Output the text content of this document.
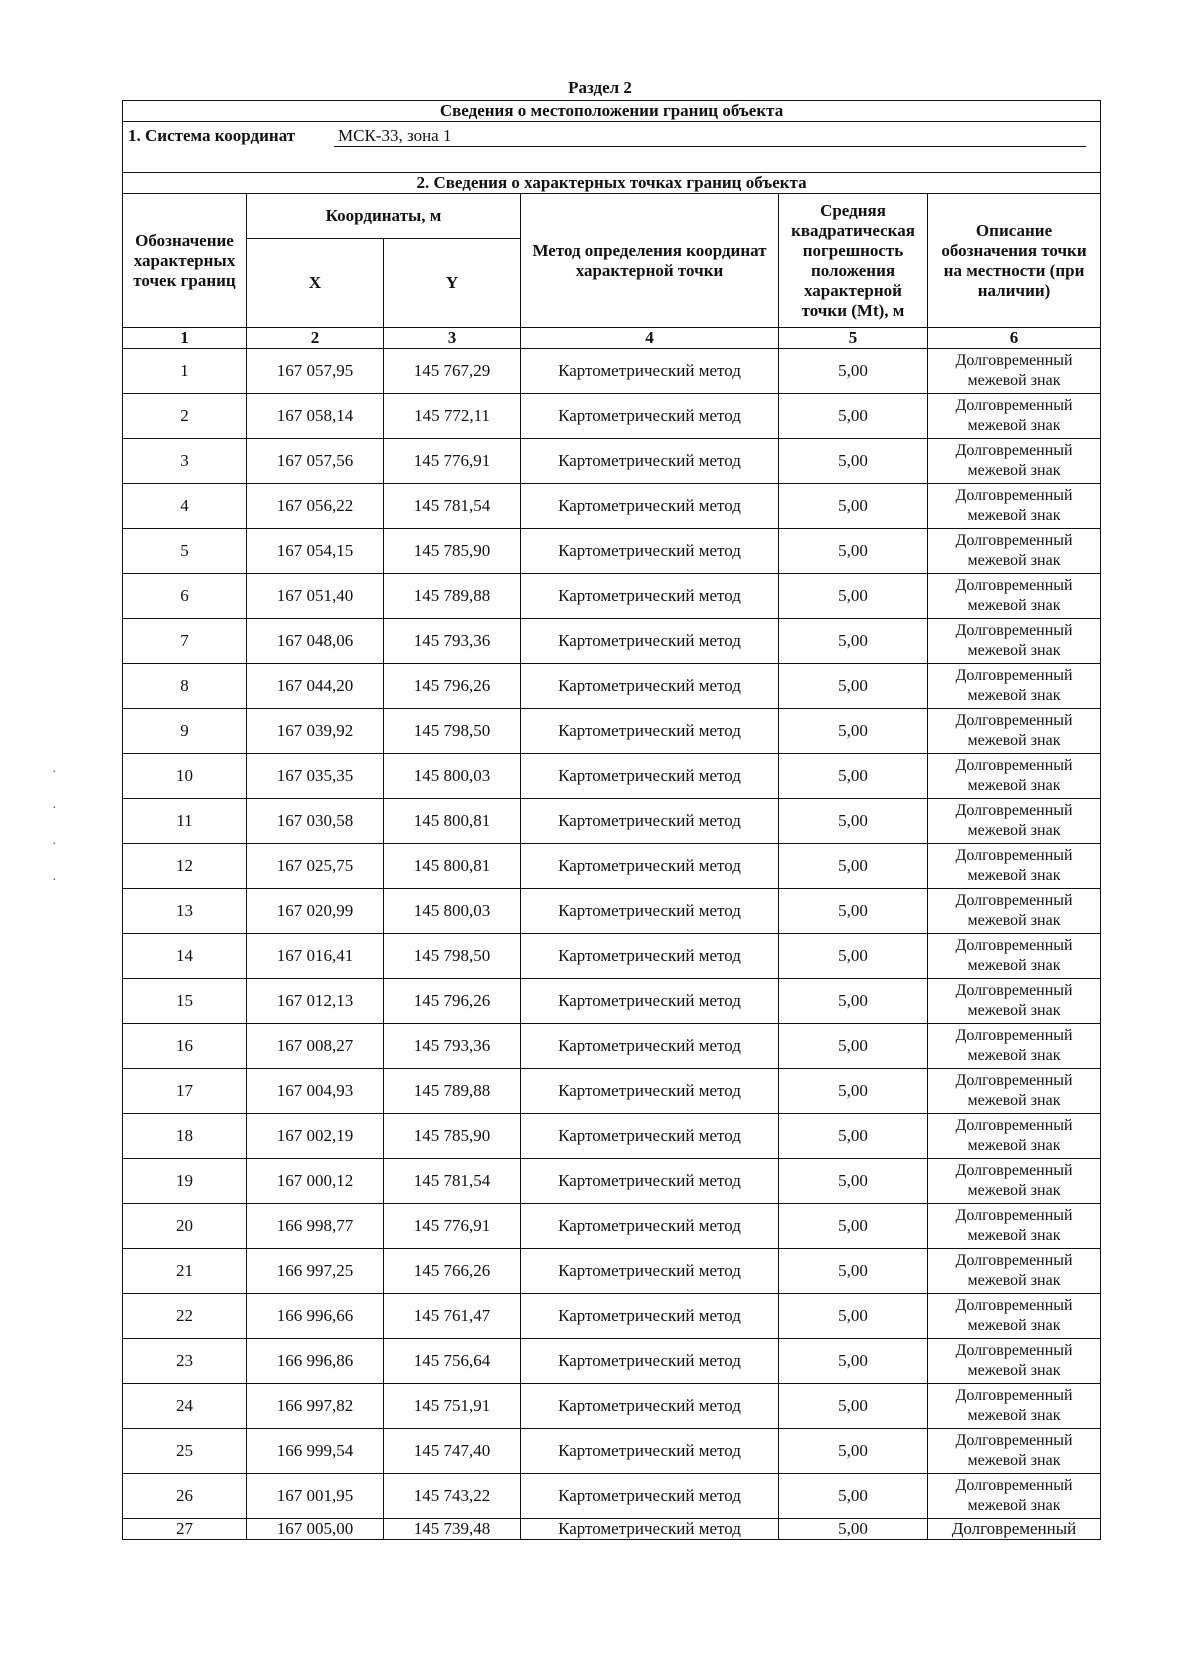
Раздел 2
Сведения о местоположении границ объекта					
1. Система координат МСК-33, зона 1					

2. Сведения о характерных точках границ объекта					
Обозначение характерных точек границ	Координаты, м		Метод определения координат характерной точки	Средняя квадратическая погрешность положения характерной точки (Mt), м	Описание обозначения точки на местности (при наличии)
	X	Y			
1	2	3	4	5	6
1	167 057,95	145 767,29	Картометрический метод	5,00	Долговременный межевой знак
2	167 058,14	145 772,11	Картометрический метод	5,00	Долговременный межевой знак
3	167 057,56	145 776,91	Картометрический метод	5,00	Долговременный межевой знак
4	167 056,22	145 781,54	Картометрический метод	5,00	Долговременный межевой знак
5	167 054,15	145 785,90	Картометрический метод	5,00	Долговременный межевой знак
6	167 051,40	145 789,88	Картометрический метод	5,00	Долговременный межевой знак
7	167 048,06	145 793,36	Картометрический метод	5,00	Долговременный межевой знак
8	167 044,20	145 796,26	Картометрический метод	5,00	Долговременный межевой знак
9	167 039,92	145 798,50	Картометрический метод	5,00	Долговременный межевой знак
10	167 035,35	145 800,03	Картометрический метод	5,00	Долговременный межевой знак
11	167 030,58	145 800,81	Картометрический метод	5,00	Долговременный межевой знак
12	167 025,75	145 800,81	Картометрический метод	5,00	Долговременный межевой знак
13	167 020,99	145 800,03	Картометрический метод	5,00	Долговременный межевой знак
14	167 016,41	145 798,50	Картометрический метод	5,00	Долговременный межевой знак
15	167 012,13	145 796,26	Картометрический метод	5,00	Долговременный межевой знак
16	167 008,27	145 793,36	Картометрический метод	5,00	Долговременный межевой знак
17	167 004,93	145 789,88	Картометрический метод	5,00	Долговременный межевой знак
18	167 002,19	145 785,90	Картометрический метод	5,00	Долговременный межевой знак
19	167 000,12	145 781,54	Картометрический метод	5,00	Долговременный межевой знак
20	166 998,77	145 776,91	Картометрический метод	5,00	Долговременный межевой знак
21	166 997,25	145 766,26	Картометрический метод	5,00	Долговременный межевой знак
22	166 996,66	145 761,47	Картометрический метод	5,00	Долговременный межевой знак
23	166 996,86	145 756,64	Картометрический метод	5,00	Долговременный межевой знак
24	166 997,82	145 751,91	Картометрический метод	5,00	Долговременный межевой знак
25	166 999,54	145 747,40	Картометрический метод	5,00	Долговременный межевой знак
26	167 001,95	145 743,22	Картометрический метод	5,00	Долговременный межевой знак
27	167 005,00	145 739,48	Картометрический метод	5,00	Долговременный
·
·
·
·
